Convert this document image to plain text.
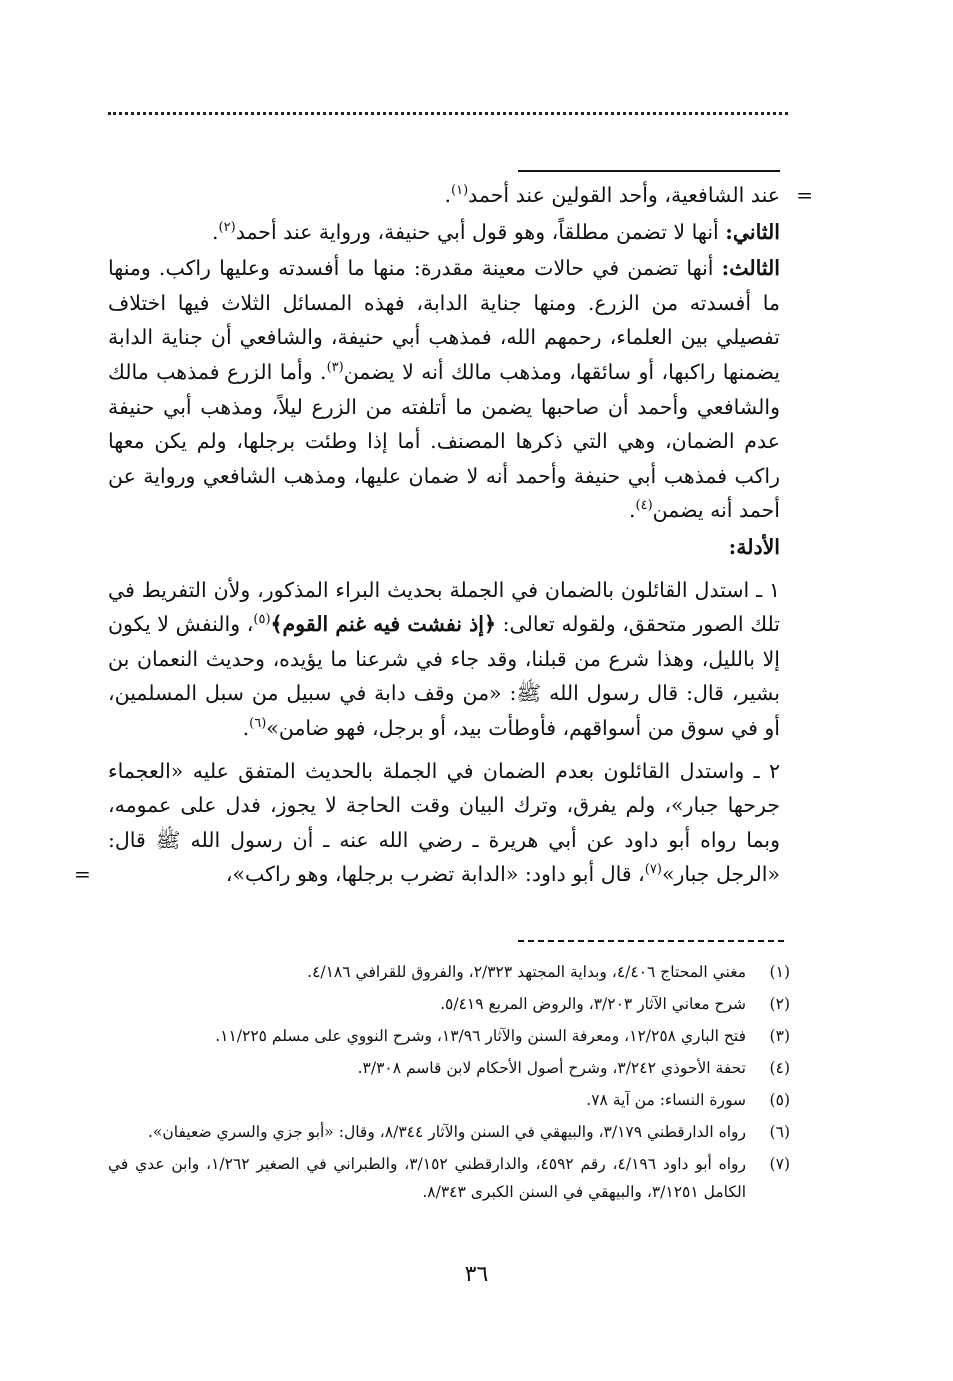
=
عند الشافعية، وأحد القولين عند أحمد$^{(١)}$.

الثاني: أنها لا تضمن مطلقاً، وهو قول أبي حنيفة، ورواية عند أحمد$^{(٢)}$.

الثالث: أنها تضمن في حالات معينة مقدرة: منها ما أفسدته وعليها راكب. ومنها ما أفسدته من الزرع. ومنها جناية الدابة، فهذه المسائل الثلاث فيها اختلاف تفصيلي بين العلماء، رحمهم الله، فمذهب أبي حنيفة، والشافعي أن جناية الدابة يضمنها راكبها، أو سائقها، ومذهب مالك أنه لا يضمن$^{(٣)}$. وأما الزرع فمذهب مالك والشافعي وأحمد أن صاحبها يضمن ما أتلفته من الزرع ليلاً، ومذهب أبي حنيفة عدم الضمان، وهي التي ذكرها المصنف. أما إذا وطئت برجلها، ولم يكن معها راكب فمذهب أبي حنيفة وأحمد أنه لا ضمان عليها، ومذهب الشافعي ورواية عن أحمد أنه يضمن$^{(٤)}$.

الأدلة:

١ ـ استدل القائلون بالضمان في الجملة بحديث البراء المذكور، ولأن التفريط في تلك الصور متحقق، ولقوله تعالى: ﴿إذ نفشت فيه غنم القوم﴾$^{(٥)}$، والنفش لا يكون إلا بالليل، وهذا شرع من قبلنا، وقد جاء في شرعنا ما يؤيده، وحديث النعمان بن بشير، قال: قال رسول الله ﷺ: «من وقف دابة في سبيل من سبل المسلمين، أو في سوق من أسواقهم، فأوطأت بيد، أو برجل، فهو ضامن»$^{(٦)}$.

٢ ـ واستدل القائلون بعدم الضمان في الجملة بالحديث المتفق عليه «العجماء جرحها جبار»، ولم يفرق، وترك البيان وقت الحاجة لا يجوز، فدل على عمومه، وبما رواه أبو داود عن أبي هريرة ـ رضي الله عنه ـ أن رسول الله ﷺ قال: «الرجل جبار»$^{(٧)}$، قال أبو داود: «الدابة تضرب برجلها، وهو راكب»،
=

(١)
مغني المحتاج ٤/٤٠٦، وبداية المجتهد ٢/٣٢٣، والفروق للقرافي ٤/١٨٦.
(٢)
شرح معاني الآثار ٣/٢٠٣، والروض المربع ٥/٤١٩.
(٣)
فتح الباري ١٢/٢٥٨، ومعرفة السنن والآثار ١٣/٩٦، وشرح النووي على مسلم ١١/٢٢٥.
(٤)
تحفة الأحوذي ٣/٢٤٢، وشرح أصول الأحكام لابن قاسم ٣/٣٠٨.
(٥)
سورة النساء: من آية ٧٨.
(٦)
رواه الدارقطني ٣/١٧٩، والبيهقي في السنن والآثار ٨/٣٤٤، وقال: «أبو جزي والسري ضعيفان».
(٧)
رواه أبو داود ٤/١٩٦، رقم ٤٥٩٢، والدارقطني ٣/١٥٢، والطبراني في الصغير ١/٢٦٢، وابن عدي في الكامل ٣/١٢٥١، والبيهقي في السنن الكبرى ٨/٣٤٣.
٣٦
